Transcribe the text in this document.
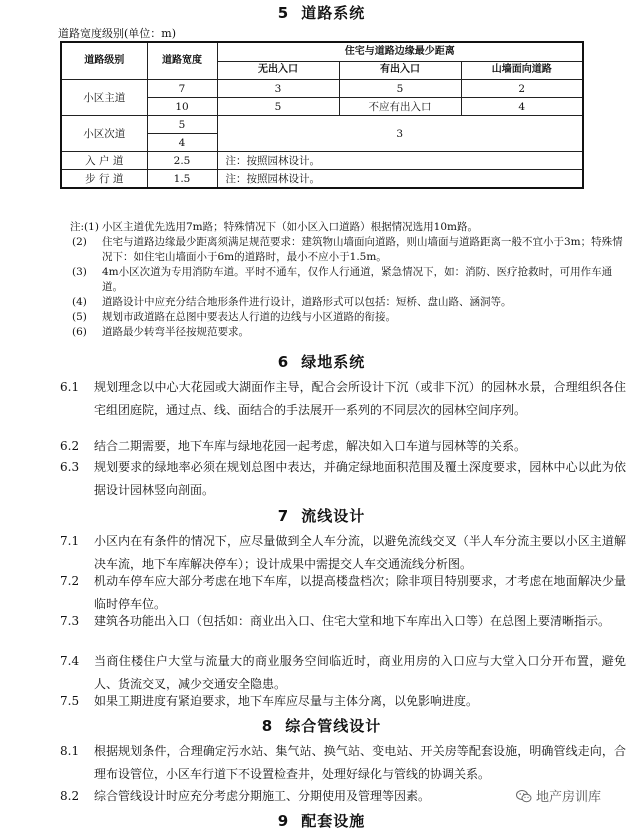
5 道路系统
道路宽度级别(单位：m)
道路级别	道路宽度	住宅与道路边缘最少距离		
		无出入口	有出入口	山墙面向道路
小区主道	7	3	5	2
	10	5	不应有出入口	4
小区次道	5	3		
	4			
入 户 道	2.5	注：按照园林设计。		
步 行 道	1.5	注：按照园林设计。		

注:(1) 小区主道优先选用7m路；特殊情况下（如小区入口道路）根据情况选用10m路。

(2) 住宅与道路边缘最少距离须满足规范要求：建筑物山墙面向道路，则山墙面与道路距离一般不宜小于3m；特殊情况下：如住宅山墙面小于6m的道路时，最小不应小于1.5m。

(3) 4m小区次道为专用消防车道。平时不通车，仅作人行通道，紧急情况下，如：消防、医疗抢救时，可用作车通道。

(4) 道路设计中应充分结合地形条件进行设计，道路形式可以包括：短桥、盘山路、涵洞等。

(5) 规划市政道路在总图中要表达人行道的边线与小区道路的衔接。

(6) 道路最少转弯半径按规范要求。

6 绿地系统
6.1 规划理念以中心大花园或大湖面作主导，配合会所设计下沉（或非下沉）的园林水景，合理组织各住宅组团庭院，通过点、线、面结合的手法展开一系列的不同层次的园林空间序列。
6.2 结合二期需要，地下车库与绿地花园一起考虑，解决如入口车道与园林等的关系。
6.3 规划要求的绿地率必须在规划总图中表达，并确定绿地面积范围及覆土深度要求，园林中心以此为依据设计园林竖向剖面。
7 流线设计
7.1 小区内在有条件的情况下，应尽量做到全人车分流，以避免流线交叉（半人车分流主要以小区主道解决车流，地下车库解决停车）；设计成果中需提交人车交通流线分析图。
7.2 机动车停车应大部分考虑在地下车库，以提高楼盘档次；除非项目特别要求，才考虑在地面解决少量临时停车位。
7.3 建筑各功能出入口（包括如：商业出入口、住宅大堂和地下车库出入口等）在总图上要清晰指示。
7.4 当商住楼住户大堂与流量大的商业服务空间临近时，商业用房的入口应与大堂入口分开布置，避免人、货流交叉，减少交通安全隐患。
7.5 如果工期进度有紧迫要求，地下车库应尽量与主体分离，以免影响进度。
8 综合管线设计
8.1 根据规划条件，合理确定污水站、集气站、换气站、变电站、开关房等配套设施，明确管线走向，合理布设管位，小区车行道下不设置检查井，处理好绿化与管线的协调关系。
8.2 综合管线设计时应充分考虑分期施工、分期使用及管理等因素。
9 配套设施
地产房训库
